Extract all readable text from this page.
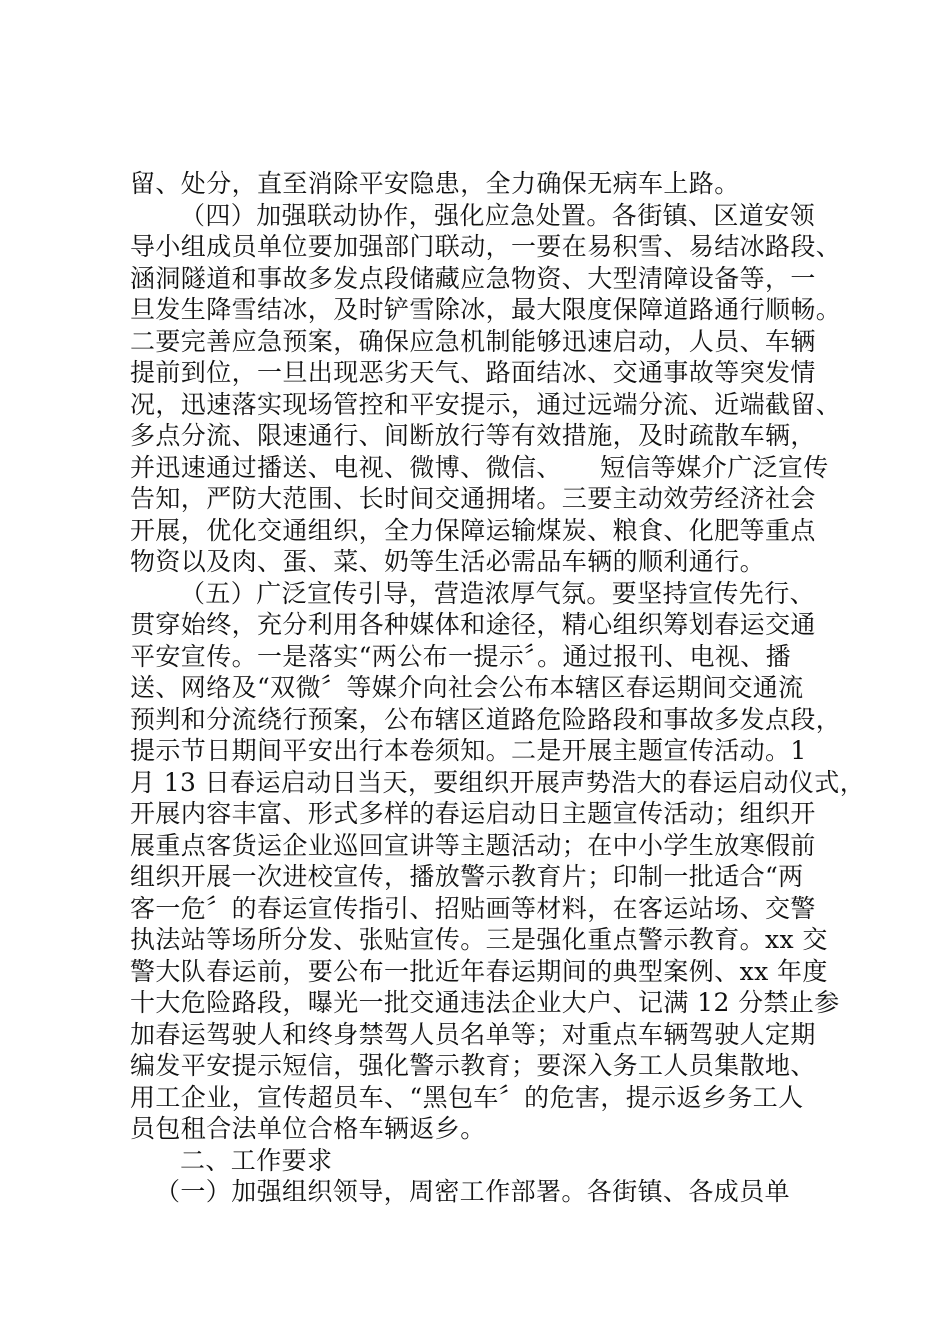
留、处分，直至消除平安隐患，全力确保无病车上路。
（四）加强联动协作，强化应急处置。各街镇、区道安领
导小组成员单位要加强部门联动，一要在易积雪、易结冰路段、
涵洞隧道和事故多发点段储藏应急物资、大型清障设备等，一
旦发生降雪结冰，及时铲雪除冰，最大限度保障道路通行顺畅。
二要完善应急预案，确保应急机制能够迅速启动，人员、车辆
提前到位，一旦出现恶劣天气、路面结冰、交通事故等突发情
况，迅速落实现场管控和平安提示，通过远端分流、近端截留、
多点分流、限速通行、间断放行等有效措施，及时疏散车辆，
并迅速通过播送、电视、微博、微信、　　短信等媒介广泛宣传
告知，严防大范围、长时间交通拥堵。三要主动效劳经济社会
开展，优化交通组织，全力保障运输煤炭、粮食、化肥等重点
物资以及肉、蛋、菜、奶等生活必需品车辆的顺利通行。
（五）广泛宣传引导，营造浓厚气氛。要坚持宣传先行、
贯穿始终，充分利用各种媒体和途径，精心组织筹划春运交通
平安宣传。一是落实“两公布一提示〞。通过报刊、电视、播
送、网络及“双微〞等媒介向社会公布本辖区春运期间交通流
预判和分流绕行预案，公布辖区道路危险路段和事故多发点段，
提示节日期间平安出行本卷须知。二是开展主题宣传活动。1
月 13 日春运启动日当天，要组织开展声势浩大的春运启动仪式，
开展内容丰富、形式多样的春运启动日主题宣传活动；组织开
展重点客货运企业巡回宣讲等主题活动；在中小学生放寒假前
组织开展一次进校宣传，播放警示教育片；印制一批适合“两
客一危〞的春运宣传指引、招贴画等材料，在客运站场、交警
执法站等场所分发、张贴宣传。三是强化重点警示教育。xx 交
警大队春运前，要公布一批近年春运期间的典型案例、xx 年度
十大危险路段，曝光一批交通违法企业大户、记满 12 分禁止参
加春运驾驶人和终身禁驾人员名单等；对重点车辆驾驶人定期
编发平安提示短信，强化警示教育；要深入务工人员集散地、
用工企业，宣传超员车、“黑包车〞的危害，提示返乡务工人
员包租合法单位合格车辆返乡。
二、工作要求
（一）加强组织领导，周密工作部署。各街镇、各成员单
